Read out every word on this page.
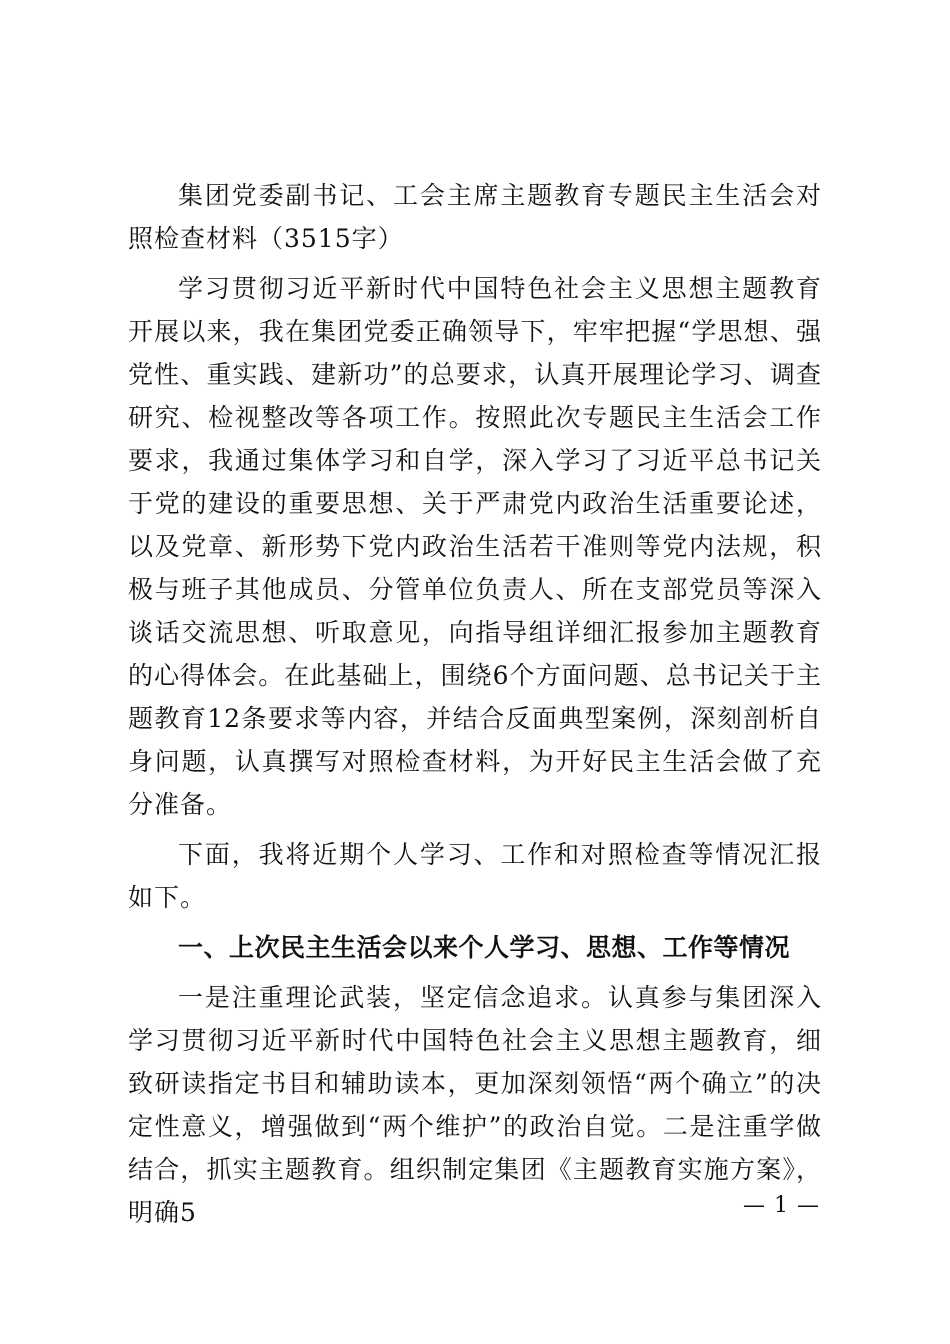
集团党委副书记、工会主席主题教育专题民主生活会对照检查材料（3515字）

学习贯彻习近平新时代中国特色社会主义思想主题教育开展以来，我在集团党委正确领导下，牢牢把握“学思想、强党性、重实践、建新功”的总要求，认真开展理论学习、调查研究、检视整改等各项工作。按照此次专题民主生活会工作要求，我通过集体学习和自学，深入学习了习近平总书记关于党的建设的重要思想、关于严肃党内政治生活重要论述，以及党章、新形势下党内政治生活若干准则等党内法规，积极与班子其他成员、分管单位负责人、所在支部党员等深入谈话交流思想、听取意见，向指导组详细汇报参加主题教育的心得体会。在此基础上，围绕6个方面问题、总书记关于主题教育12条要求等内容，并结合反面典型案例，深刻剖析自身问题，认真撰写对照检查材料，为开好民主生活会做了充分准备。

下面，我将近期个人学习、工作和对照检查等情况汇报如下。

一、上次民主生活会以来个人学习、思想、工作等情况

一是注重理论武装，坚定信念追求。认真参与集团深入学习贯彻习近平新时代中国特色社会主义思想主题教育，细致研读指定书目和辅助读本，更加深刻领悟“两个确立”的决定性意义，增强做到“两个维护”的政治自觉。二是注重学做结合，抓实主题教育。组织制定集团《主题教育实施方案》，明确5	— 1 —
